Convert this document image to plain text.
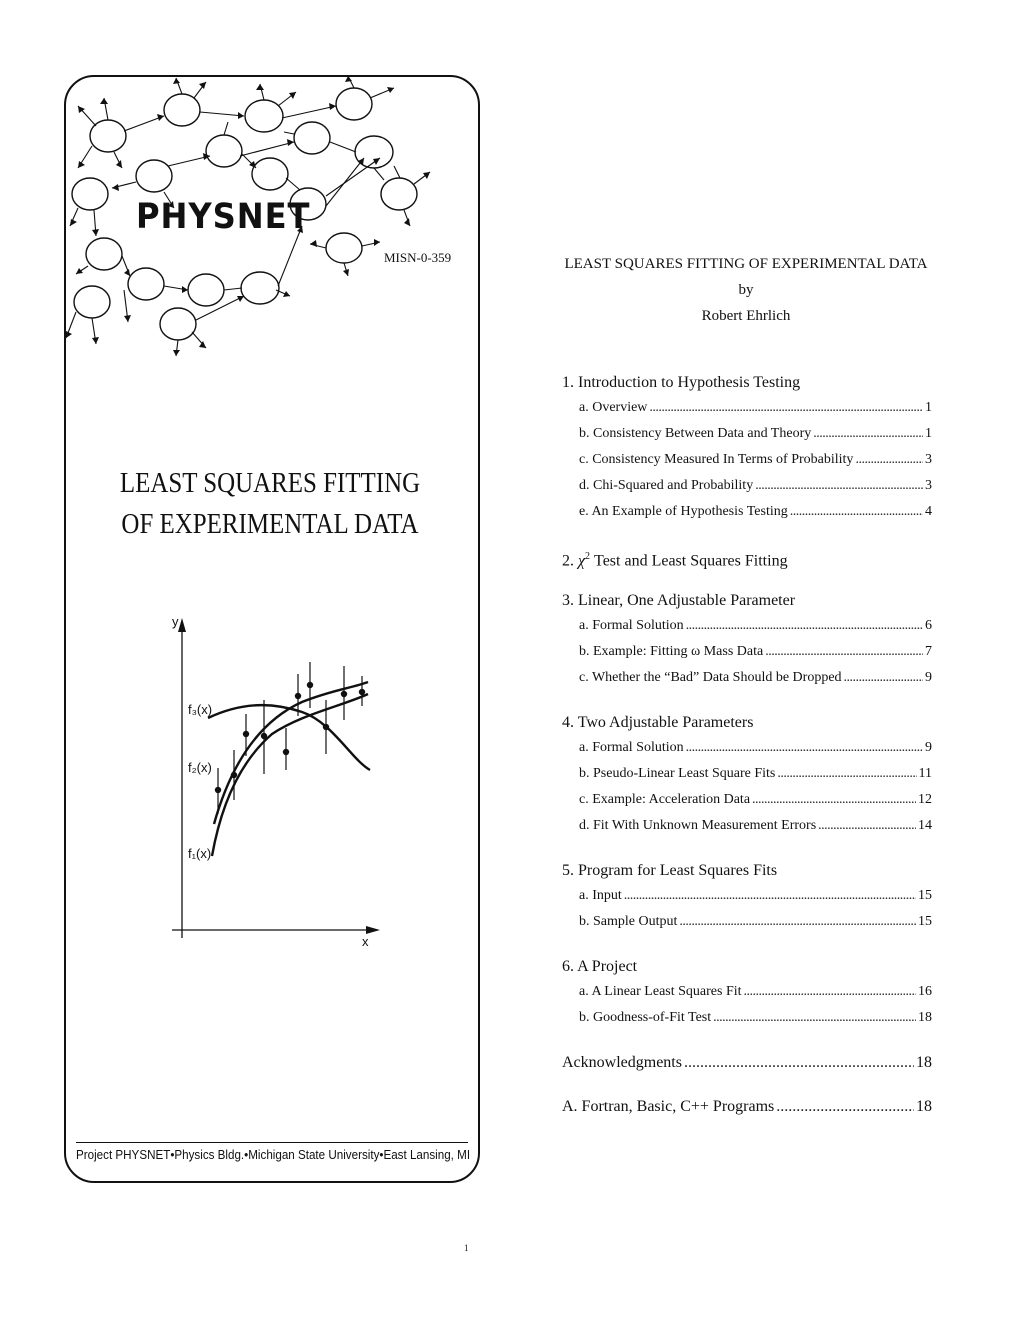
PHYSNET
MISN-0-359
LEAST SQUARES FITTING
OF EXPERIMENTAL DATA
y
x
f₃(x)
f₂(x)
f₁(x)
Project PHYSNET•Physics Bldg.•Michigan State University•East Lansing, MI
LEAST SQUARES FITTING OF EXPERIMENTAL DATA
by
Robert Ehrlich
1. Introduction to Hypothesis Testing
a. Overview . . .	1
b. Consistency Between Data and Theory . . .	1
c. Consistency Measured In Terms of Probability . . .	3
d. Chi-Squared and Probability . . .	3
e. An Example of Hypothesis Testing . . .	4
2. $\chi^2$ Test and Least Squares Fitting
3. Linear, One Adjustable Parameter
a. Formal Solution . . .	6
b. Example: Fitting ω Mass Data . . .	7
c. Whether the “Bad” Data Should be Dropped . . .	9
4. Two Adjustable Parameters
a. Formal Solution . . .	9
b. Pseudo-Linear Least Square Fits . . .	11
c. Example: Acceleration Data . . .	12
d. Fit With Unknown Measurement Errors . . .	14
5. Program for Least Squares Fits
a. Input . . .	15
b. Sample Output . . .	15
6. A Project
a. A Linear Least Squares Fit . . .	16
b. Goodness-of-Fit Test . . .	18
Acknowledgments . . .	18
A. Fortran, Basic, C++ Programs . . .	18
1
